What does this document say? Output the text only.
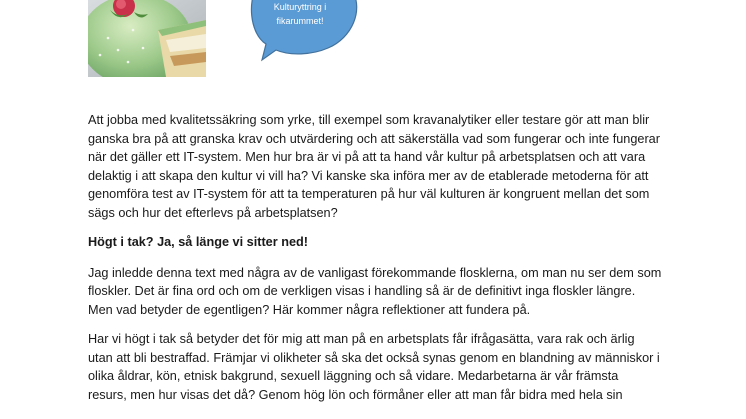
Kulturyttring i
fikarummet!

Att jobba med kvalitetssäkring som yrke, till exempel som kravanalytiker eller testare gör att man blir
ganska bra på att granska krav och utvärdering och att säkerställa vad som fungerar och inte fungerar
när det gäller ett IT-system. Men hur bra är vi på att ta hand vår kultur på arbetsplatsen och att vara
delaktig i att skapa den kultur vi vill ha? Vi kanske ska införa mer av de etablerade metoderna för att
genomföra test av IT-system för att ta temperaturen på hur väl kulturen är kongruent mellan det som
sägs och hur det efterlevs på arbetsplatsen?

Högt i tak? Ja, så länge vi sitter ned!

Jag inledde denna text med några av de vanligast förekommande flosklerna, om man nu ser dem som
floskler. Det är fina ord och om de verkligen visas i handling så är de definitivt inga floskler längre.
Men vad betyder de egentligen? Här kommer några reflektioner att fundera på.

Har vi högt i tak så betyder det för mig att man på en arbetsplats får ifrågasätta, vara rak och ärlig
utan att bli bestraffad. Främjar vi olikheter så ska det också synas genom en blandning av människor i
olika åldrar, kön, etnisk bakgrund, sexuell läggning och så vidare. Medarbetarna är vår främsta
resurs, men hur visas det då? Genom hög lön och förmåner eller att man får bidra med hela sin
